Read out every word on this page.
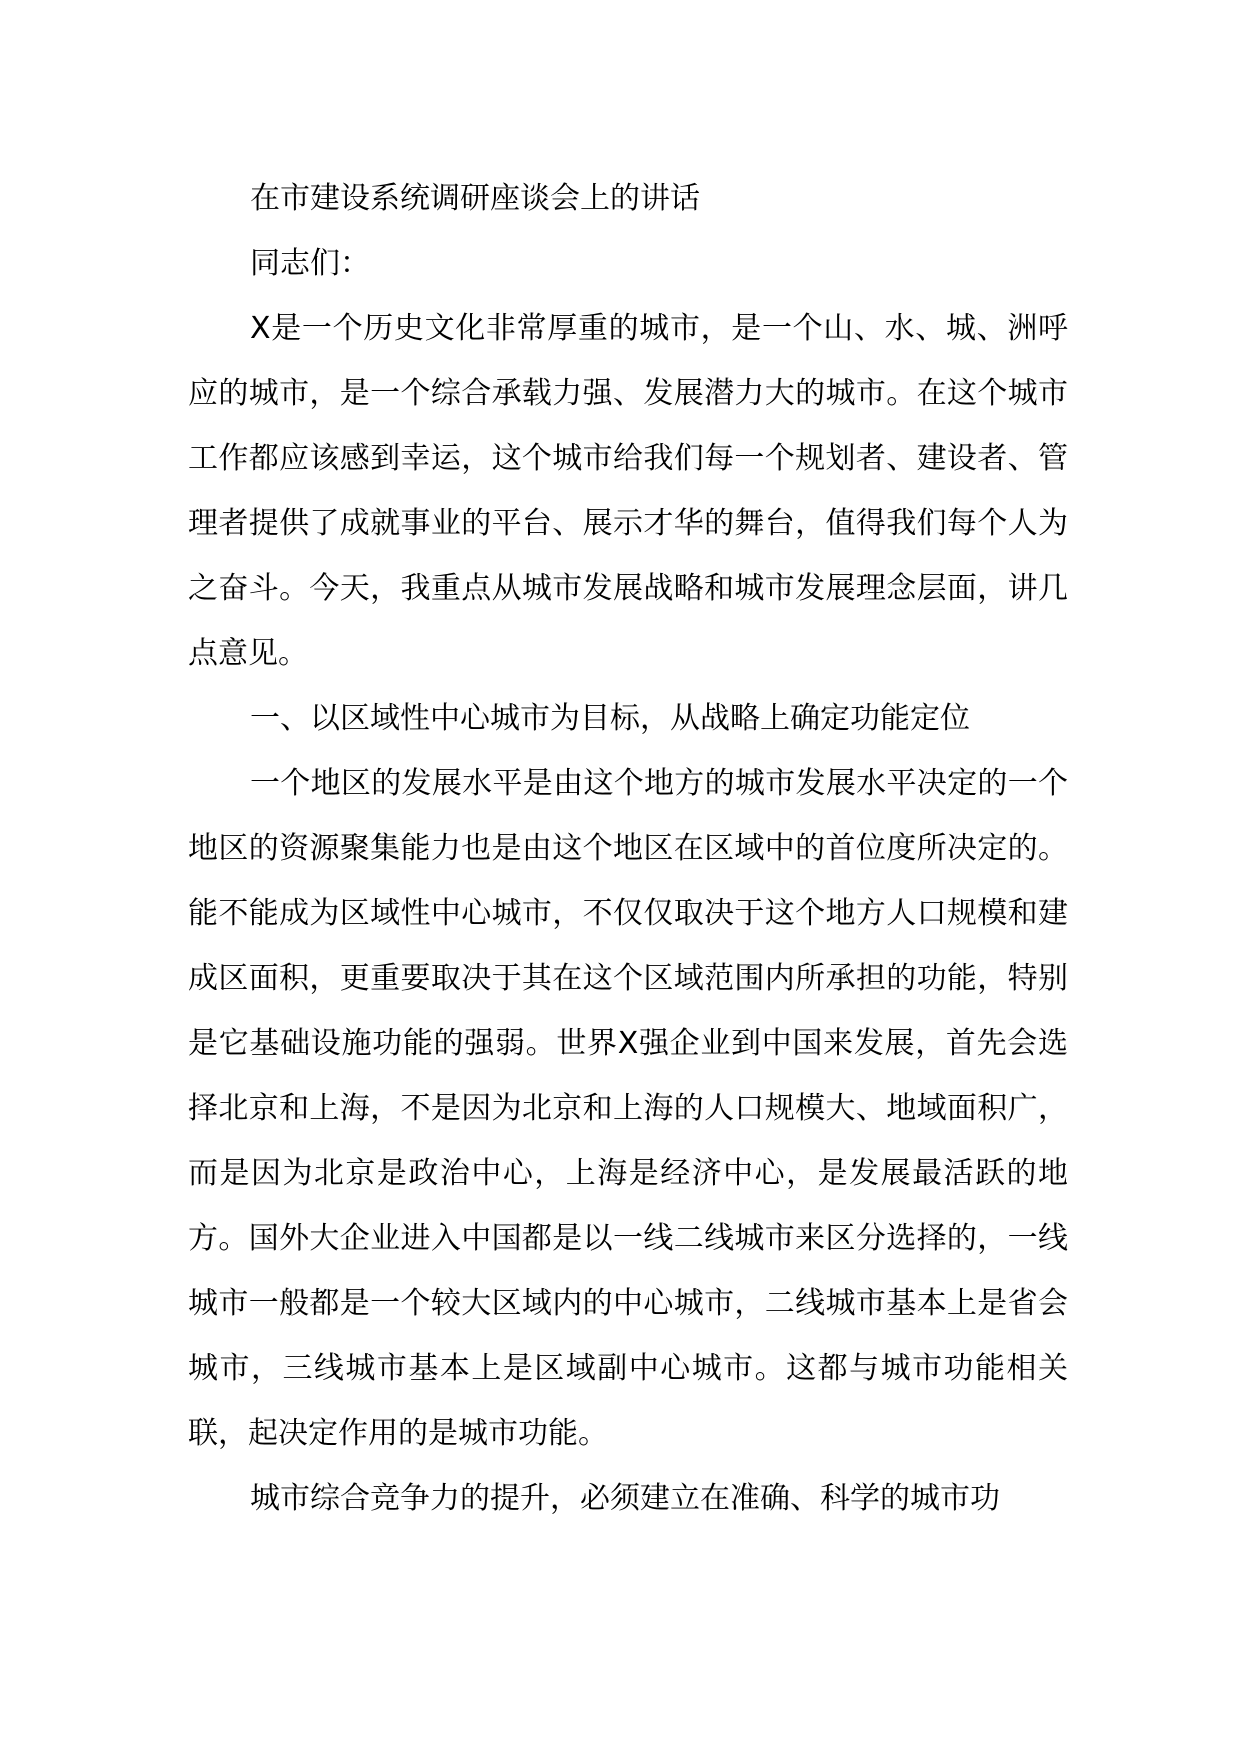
在市建设系统调研座谈会上的讲话

同志们：

X是一个历史文化非常厚重的城市，是一个山、水、城、洲呼应的城市，是一个综合承载力强、发展潜力大的城市。在这个城市工作都应该感到幸运，这个城市给我们每一个规划者、建设者、管理者提供了成就事业的平台、展示才华的舞台，值得我们每个人为之奋斗。今天，我重点从城市发展战略和城市发展理念层面，讲几点意见。

一、以区域性中心城市为目标，从战略上确定功能定位

一个地区的发展水平是由这个地方的城市发展水平决定的一个地区的资源聚集能力也是由这个地区在区域中的首位度所决定的。能不能成为区域性中心城市，不仅仅取决于这个地方人口规模和建成区面积，更重要取决于其在这个区域范围内所承担的功能，特别是它基础设施功能的强弱。世界X强企业到中国来发展，首先会选择北京和上海，不是因为北京和上海的人口规模大、地域面积广，而是因为北京是政治中心，上海是经济中心，是发展最活跃的地方。国外大企业进入中国都是以一线二线城市来区分选择的，一线城市一般都是一个较大区域内的中心城市，二线城市基本上是省会城市，三线城市基本上是区域副中心城市。这都与城市功能相关联，起决定作用的是城市功能。

城市综合竞争力的提升，必须建立在准确、科学的城市功
